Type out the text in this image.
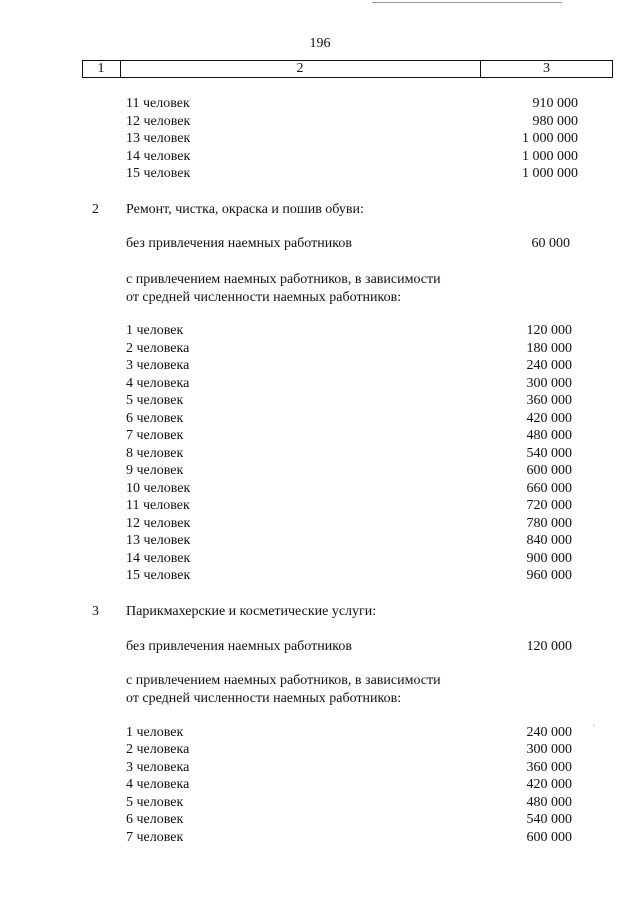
196
1	2	3
11 человек	910 000
12 человек	980 000
13 человек	1 000 000
14 человек	1 000 000
15 человек	1 000 000
2 Ремонт, чистка, окраска и пошив обуви:
без привлечения наемных работников	60 000
с привлечением наемных работников, в зависимости
от средней численности наемных работников:
1 человек	120 000
2 человека	180 000
3 человека	240 000
4 человека	300 000
5 человек	360 000
6 человек	420 000
7 человек	480 000
8 человек	540 000
9 человек	600 000
10 человек	660 000
11 человек	720 000
12 человек	780 000
13 человек	840 000
14 человек	900 000
15 человек	960 000
3 Парикмахерские и косметические услуги:
без привлечения наемных работников	120 000
с привлечением наемных работников, в зависимости
от средней численности наемных работников:
1 человек	240 000
2 человека	300 000
3 человека	360 000
4 человека	420 000
5 человек	480 000
6 человек	540 000
7 человек	600 000
′
